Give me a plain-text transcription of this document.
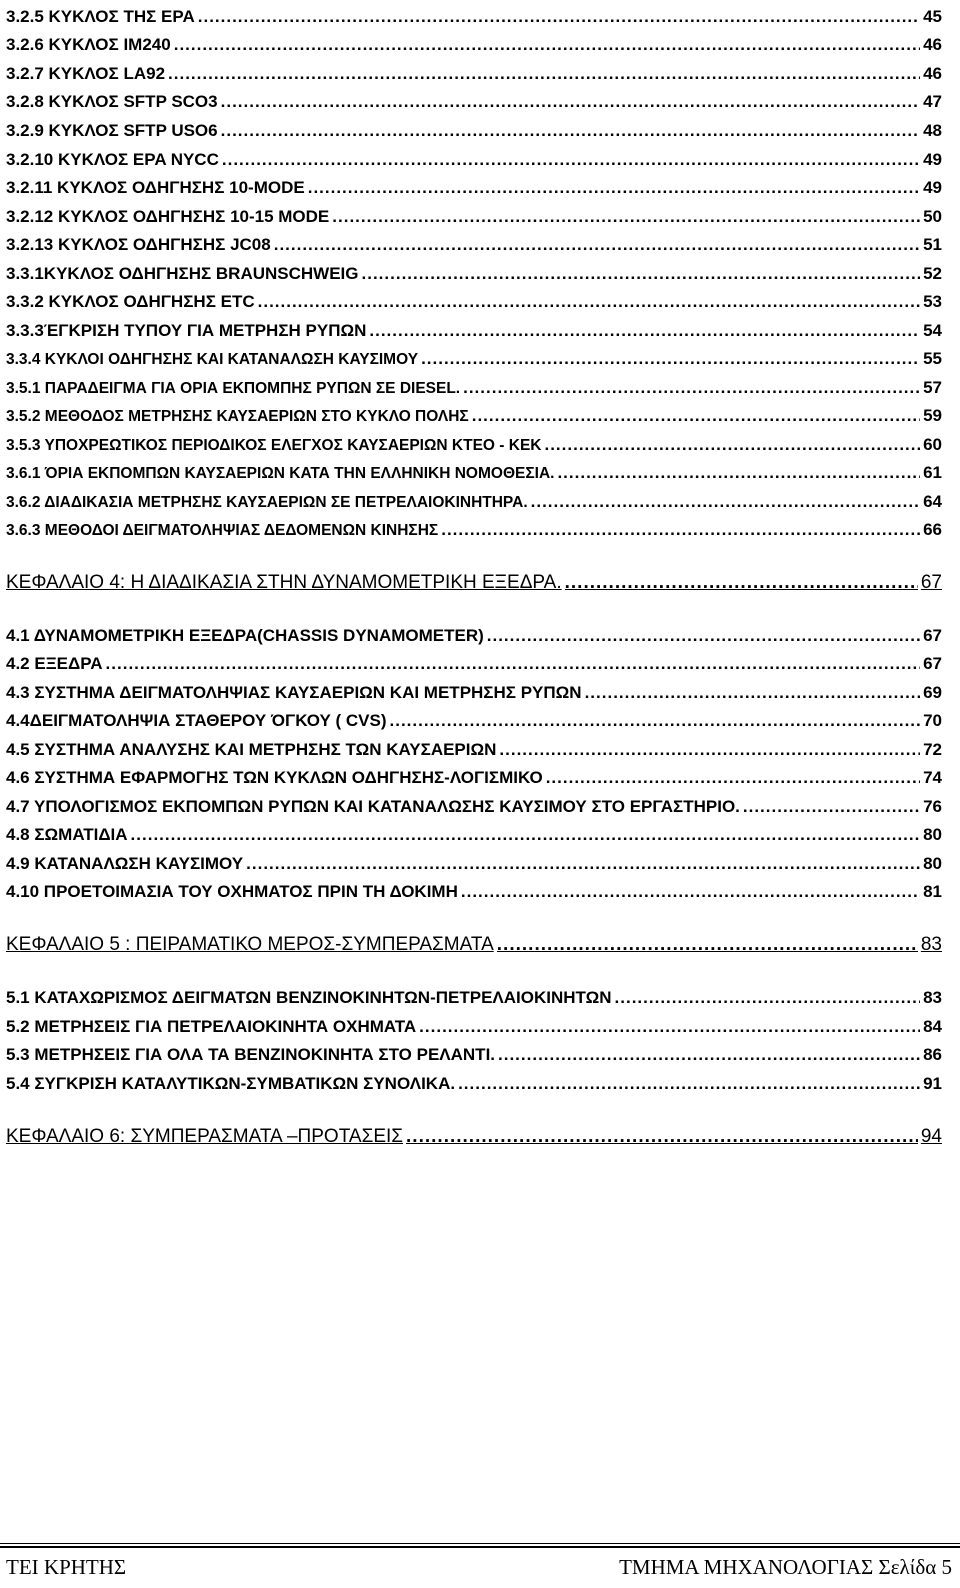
3.2.5 ΚΥΚΛΟΣ ΤΗΣ EPA .....	45
3.2.6 ΚΥΚΛΟΣ IM240 .....	46
3.2.7 ΚΥΚΛΟΣ LA92 .....	46
3.2.8 ΚΥΚΛΟΣ SFTP SCO3 .....	47
3.2.9 ΚΥΚΛΟΣ SFTP USO6 .....	48
3.2.10 ΚΥΚΛΟΣ EPA NYCC .....	49
3.2.11 ΚΥΚΛΟΣ ΟΔΗΓΗΣΗΣ 10-MODE .....	49
3.2.12 ΚΥΚΛΟΣ ΟΔΗΓΗΣΗΣ 10-15 MODE .....	50
3.2.13 ΚΥΚΛΟΣ ΟΔΗΓΗΣΗΣ JC08 .....	51
3.3.1ΚΥΚΛΟΣ ΟΔΗΓΗΣΗΣ BRAUNSCHWEIG .....	52
3.3.2 ΚΥΚΛΟΣ ΟΔΗΓΗΣΗΣ ETC .....	53
3.3.3ΈΓΚΡΙΣΗ ΤΥΠΟΥ ΓΙΑ ΜΕΤΡΗΣΗ ΡΥΠΩΝ .....	54
3.3.4 ΚΥΚΛΟΙ ΟΔΗΓΗΣΗΣ ΚΑΙ ΚΑΤΑΝΑΛΩΣΗ ΚΑΥΣΙΜΟΥ .....	55
3.5.1 ΠΑΡΑΔΕΙΓΜΑ ΓΙΑ ΟΡΙΑ ΕΚΠΟΜΠΗΣ ΡΥΠΩΝ ΣΕ DIESEL. .....	57
3.5.2 ΜΕΘΟΔΟΣ ΜΕΤΡΗΣΗΣ ΚΑΥΣΑΕΡΙΩΝ ΣΤΟ ΚΥΚΛΟ ΠΟΛΗΣ .....	59
3.5.3 ΥΠΟΧΡΕΩΤΙΚΟΣ ΠΕΡΙΟΔΙΚΟΣ ΕΛΕΓΧΟΣ ΚΑΥΣΑΕΡΙΩΝ ΚΤΕΟ - ΚΕΚ .....	60
3.6.1 ΌΡΙΑ ΕΚΠΟΜΠΩΝ ΚΑΥΣΑΕΡΙΩΝ ΚΑΤΑ ΤΗΝ ΕΛΛΗΝΙΚΗ ΝΟΜΟΘΕΣΙΑ. .....	61
3.6.2 ΔΙΑΔΙΚΑΣΙΑ ΜΕΤΡΗΣΗΣ ΚΑΥΣΑΕΡΙΩΝ ΣΕ ΠΕΤΡΕΛΑΙΟΚΙΝΗΤΗΡΑ. .....	64
3.6.3 ΜΕΘΟΔΟΙ ΔΕΙΓΜΑΤΟΛΗΨΙΑΣ ΔΕΔΟΜΕΝΩΝ ΚΙΝΗΣΗΣ .....	66
ΚΕΦΑΛΑΙΟ 4: Η ΔΙΑΔΙΚΑΣΙΑ ΣΤΗΝ ΔΥΝΑΜΟΜΕΤΡΙΚΗ ΕΞΕΔΡΑ. .....	67
4.1 ΔΥΝΑΜΟΜΕΤΡΙΚΗ ΕΞΕΔΡΑ(CHASSIS DYNAMOMETER) .....	67
4.2 ΕΞΕΔΡΑ .....	67
4.3 ΣΥΣΤΗΜΑ ΔΕΙΓΜΑΤΟΛΗΨΙΑΣ ΚΑΥΣΑΕΡΙΩΝ ΚΑΙ ΜΕΤΡΗΣΗΣ ΡΥΠΩΝ .....	69
4.4ΔΕΙΓΜΑΤΟΛΗΨΙΑ ΣΤΑΘΕΡΟΥ ΌΓΚΟΥ ( CVS) .....	70
4.5 ΣΥΣΤΗΜΑ ΑΝΑΛΥΣΗΣ ΚΑΙ ΜΕΤΡΗΣΗΣ ΤΩΝ ΚΑΥΣΑΕΡΙΩΝ .....	72
4.6 ΣΥΣΤΗΜΑ ΕΦΑΡΜΟΓΗΣ ΤΩΝ ΚΥΚΛΩΝ ΟΔΗΓΗΣΗΣ-ΛΟΓΙΣΜΙΚΟ .....	74
4.7 ΥΠΟΛΟΓΙΣΜΟΣ ΕΚΠΟΜΠΩΝ ΡΥΠΩΝ ΚΑΙ ΚΑΤΑΝΑΛΩΣΗΣ ΚΑΥΣΙΜΟΥ ΣΤΟ ΕΡΓΑΣΤΗΡΙΟ. .....	76
4.8 ΣΩΜΑΤΙΔΙΑ .....	80
4.9 ΚΑΤΑΝΑΛΩΣΗ ΚΑΥΣΙΜΟΥ .....	80
4.10 ΠΡΟΕΤΟΙΜΑΣΙΑ ΤΟΥ ΟΧΗΜΑΤΟΣ ΠΡΙΝ ΤΗ ΔΟΚΙΜΗ .....	81
ΚΕΦΑΛΑΙΟ 5 : ΠΕΙΡΑΜΑΤΙΚΟ ΜΕΡΟΣ-ΣΥΜΠΕΡΑΣΜΑΤΑ .....	83
5.1 ΚΑΤΑΧΩΡΙΣΜΟΣ ΔΕΙΓΜΑΤΩΝ ΒΕΝΖΙΝΟΚΙΝΗΤΩΝ-ΠΕΤΡΕΛΑΙΟΚΙΝΗΤΩΝ .....	83
5.2 ΜΕΤΡΗΣΕΙΣ ΓΙΑ ΠΕΤΡΕΛΑΙΟΚΙΝΗΤΑ ΟΧΗΜΑΤΑ .....	84
5.3 ΜΕΤΡΗΣΕΙΣ ΓΙΑ ΟΛΑ ΤΑ ΒΕΝΖΙΝΟΚΙΝΗΤΑ ΣΤΟ ΡΕΛΑΝΤΙ. .....	86
5.4 ΣΥΓΚΡΙΣΗ ΚΑΤΑΛΥΤΙΚΩΝ-ΣΥΜΒΑΤΙΚΩΝ ΣΥΝΟΛΙΚΑ. .....	91
ΚΕΦΑΛΑΙΟ 6: ΣΥΜΠΕΡΑΣΜΑΤΑ –ΠΡΟΤΑΣΕΙΣ .....	94
ΤΕΙ ΚΡΗΤΗΣ	ΤΜΗΜΑ ΜΗΧΑΝΟΛΟΓΙΑΣ Σελίδα 5
